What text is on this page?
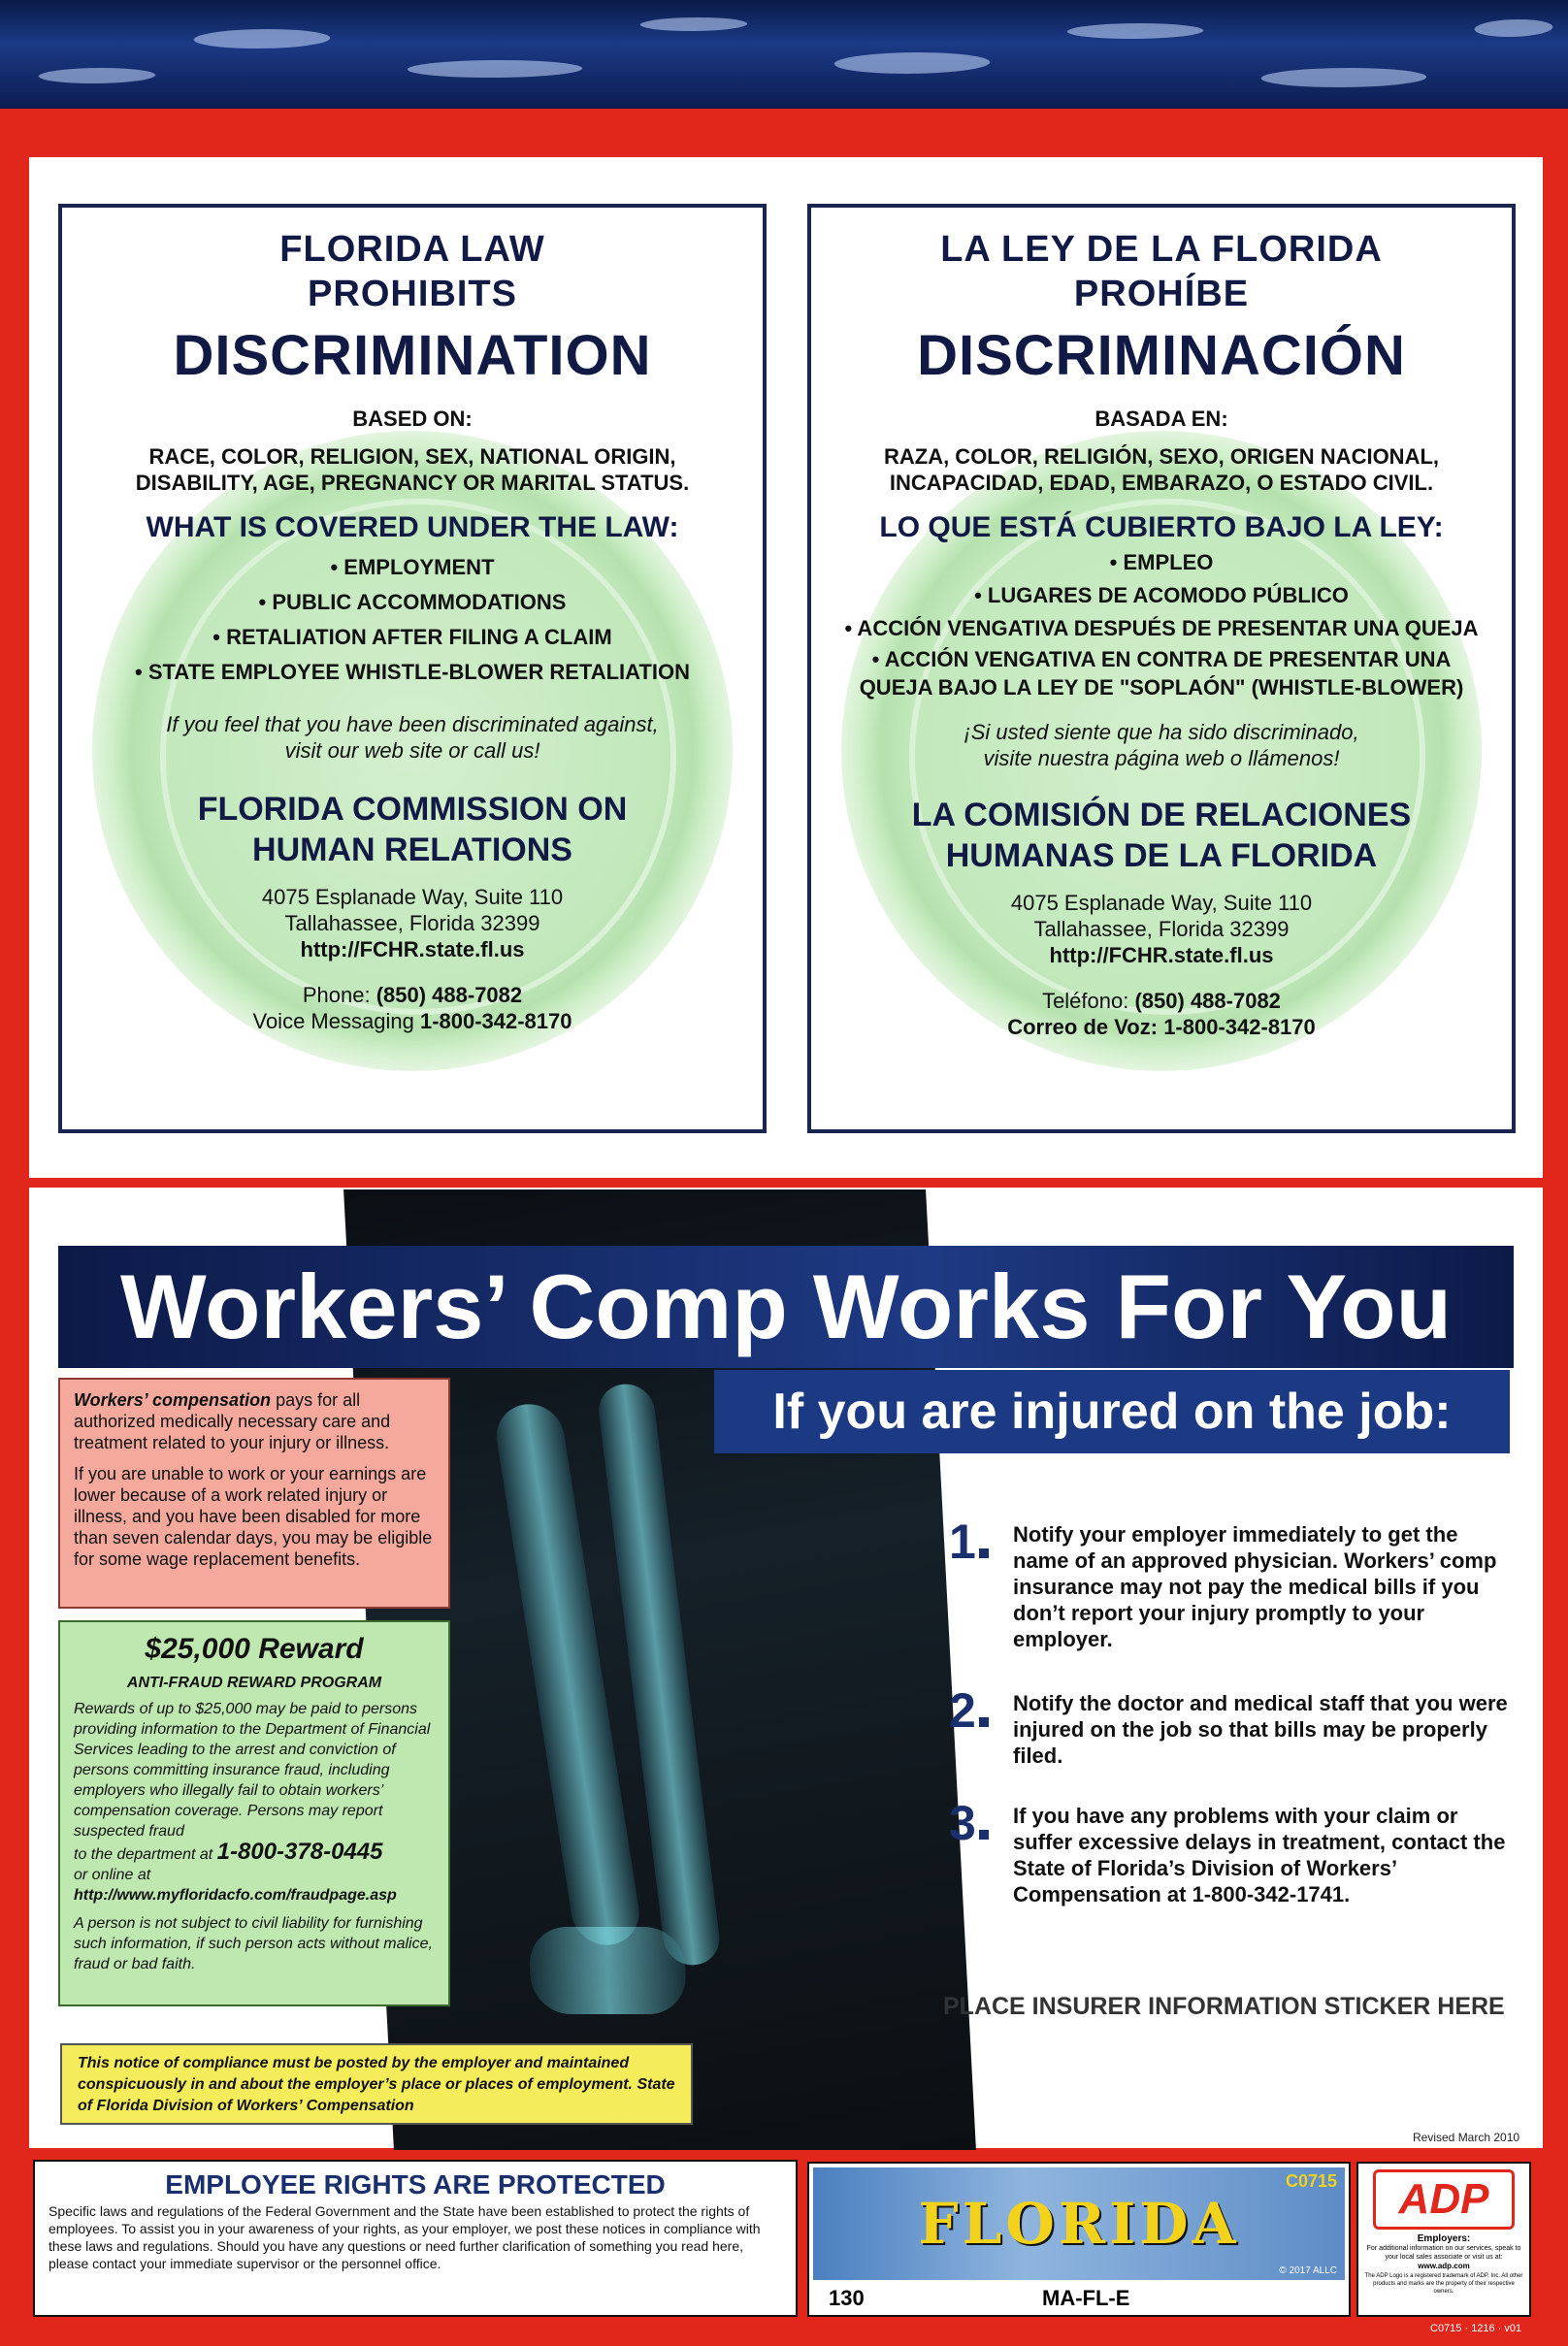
FLORIDA LAW
PROHIBITS
DISCRIMINATION
BASED ON:
RACE, COLOR, RELIGION, SEX, NATIONAL ORIGIN,
DISABILITY, AGE, PREGNANCY OR MARITAL STATUS.
WHAT IS COVERED UNDER THE LAW:
• EMPLOYMENT
• PUBLIC ACCOMMODATIONS
• RETALIATION AFTER FILING A CLAIM
• STATE EMPLOYEE WHISTLE-BLOWER RETALIATION
If you feel that you have been discriminated against,
visit our web site or call us!
FLORIDA COMMISSION ON
HUMAN RELATIONS
4075 Esplanade Way, Suite 110
Tallahassee, Florida 32399
http://FCHR.state.fl.us
Phone: (850) 488-7082
Voice Messaging 1-800-342-8170
LA LEY DE LA FLORIDA
PROHÍBE
DISCRIMINACIÓN
BASADA EN:
RAZA, COLOR, RELIGIÓN, SEXO, ORIGEN NACIONAL,
INCAPACIDAD, EDAD, EMBARAZO, O ESTADO CIVIL.
LO QUE ESTÁ CUBIERTO BAJO LA LEY:
• EMPLEO
• LUGARES DE ACOMODO PÚBLICO
• ACCIÓN VENGATIVA DESPUÉS DE PRESENTAR UNA QUEJA
• ACCIÓN VENGATIVA EN CONTRA DE PRESENTAR UNA
QUEJA BAJO LA LEY DE "SOPLAÓN" (WHISTLE-BLOWER)
¡Si usted siente que ha sido discriminado,
visite nuestra página web o llámenos!
LA COMISIÓN DE RELACIONES
HUMANAS DE LA FLORIDA
4075 Esplanade Way, Suite 110
Tallahassee, Florida 32399
http://FCHR.state.fl.us
Teléfono: (850) 488-7082
Correo de Voz: 1-800-342-8170
Workers’ Comp Works For You
If you are injured on the job:
Workers’ compensation pays for all authorized medically necessary care and treatment related to your injury or illness.
If you are unable to work or your earnings are lower because of a work related injury or illness, and you have been disabled for more than seven calendar days, you may be eligible for some wage replacement benefits.
$25,000 Reward
ANTI-FRAUD REWARD PROGRAM
Rewards of up to $25,000 may be paid to persons providing information to the Department of Financial Services leading to the arrest and conviction of persons committing insurance fraud, including employers who illegally fail to obtain workers’ compensation coverage. Persons may report suspected fraud
to the department at 1-800-378-0445
or online at
http://www.myfloridacfo.com/fraudpage.asp
A person is not subject to civil liability for furnishing such information, if such person acts without malice, fraud or bad faith.
1	Notify your employer immediately to get the name of an approved physician. Workers’ comp insurance may not pay the medical bills if you don’t report your injury promptly to your employer.
2	Notify the doctor and medical staff that you were injured on the job so that bills may be properly filed.
3	If you have any problems with your claim or suffer excessive delays in treatment, contact the State of Florida’s Division of Workers’ Compensation at 1-800-342-1741.
PLACE INSURER INFORMATION STICKER HERE
This notice of compliance must be posted by the employer and maintained conspicuously in and about the employer’s place or places of employment. State of Florida Division of Workers’ Compensation
Revised March 2010
EMPLOYEE RIGHTS ARE PROTECTED
Specific laws and regulations of the Federal Government and the State have been established to protect the rights of employees. To assist you in your awareness of your rights, as your employer, we post these notices in compliance with these laws and regulations. Should you have any questions or need further clarification of something you read here, please contact your immediate supervisor or the personnel office.
FLORIDA
C0715
© 2017 ALLC
130	MA-FL-E
ADP
Employers:
For additional information on our services, speak to your local sales associate or visit us at:
www.adp.com
The ADP Logo is a registered trademark of ADP, Inc. All other products and marks are the property of their respective owners.
C0715 · 1216 · v01
